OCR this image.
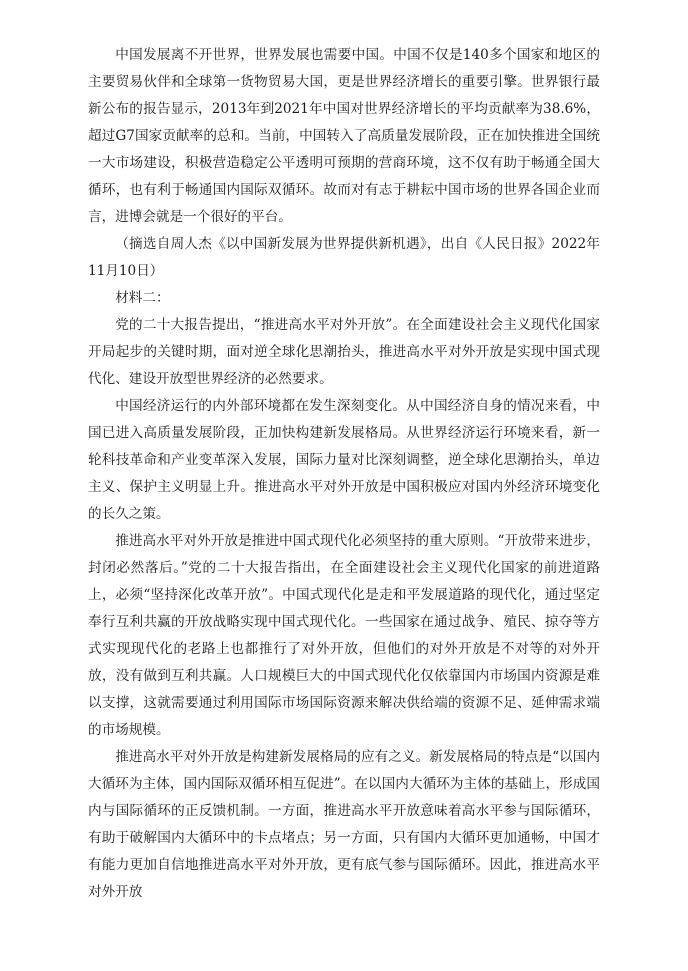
中国发展离不开世界，世界发展也需要中国。中国不仅是140多个国家和地区的主要贸易伙伴和全球第一货物贸易大国，更是世界经济增长的重要引擎。世界银行最新公布的报告显示，2013年到2021年中国对世界经济增长的平均贡献率为38.6%，超过G7国家贡献率的总和。当前，中国转入了高质量发展阶段，正在加快推进全国统一大市场建设，积极营造稳定公平透明可预期的营商环境，这不仅有助于畅通全国大循环，也有利于畅通国内国际双循环。故而对有志于耕耘中国市场的世界各国企业而言，进博会就是一个很好的平台。

（摘选自周人杰《以中国新发展为世界提供新机遇》，出自《人民日报》2022年11月10日）

材料二：

党的二十大报告提出，“推进高水平对外开放”。在全面建设社会主义现代化国家开局起步的关键时期，面对逆全球化思潮抬头，推进高水平对外开放是实现中国式现代化、建设开放型世界经济的必然要求。

中国经济运行的内外部环境都在发生深刻变化。从中国经济自身的情况来看，中国已进入高质量发展阶段，正加快构建新发展格局。从世界经济运行环境来看，新一轮科技革命和产业变革深入发展，国际力量对比深刻调整，逆全球化思潮抬头，单边主义、保护主义明显上升。推进高水平对外开放是中国积极应对国内外经济环境变化的长久之策。

推进高水平对外开放是推进中国式现代化必须坚持的重大原则。“开放带来进步，封闭必然落后。”党的二十大报告指出，在全面建设社会主义现代化国家的前进道路上，必须“坚持深化改革开放”。中国式现代化是走和平发展道路的现代化，通过坚定奉行互利共赢的开放战略实现中国式现代化。一些国家在通过战争、殖民、掠夺等方式实现现代化的老路上也都推行了对外开放，但他们的对外开放是不对等的对外开放，没有做到互利共赢。人口规模巨大的中国式现代化仅依靠国内市场国内资源是难以支撑，这就需要通过利用国际市场国际资源来解决供给端的资源不足、延伸需求端的市场规模。

推进高水平对外开放是构建新发展格局的应有之义。新发展格局的特点是“以国内大循环为主体，国内国际双循环相互促进”。在以国内大循环为主体的基础上，形成国内与国际循环的正反馈机制。一方面，推进高水平开放意味着高水平参与国际循环，有助于破解国内大循环中的卡点堵点；另一方面，只有国内大循环更加通畅，中国才有能力更加自信地推进高水平对外开放，更有底气参与国际循环。因此，推进高水平对外开放
